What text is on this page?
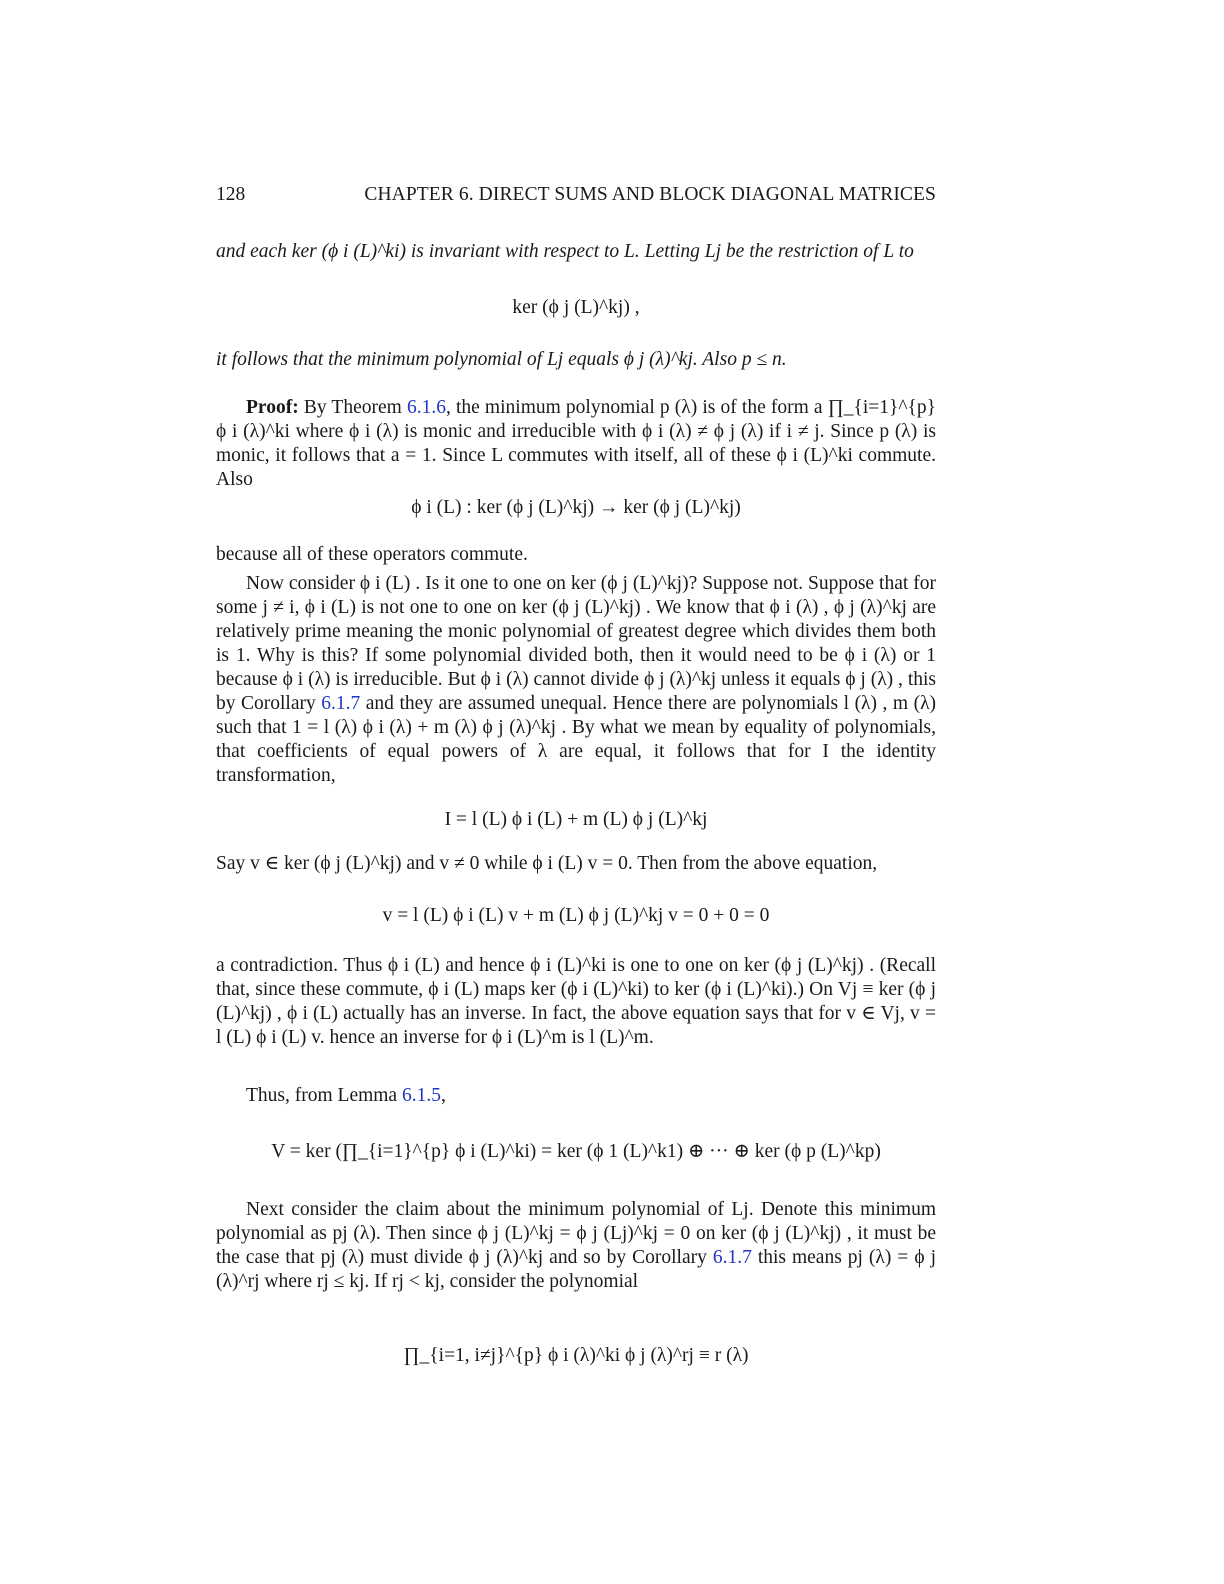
128	CHAPTER 6. DIRECT SUMS AND BLOCK DIAGONAL MATRICES
and each ker (ϕ i (L)^ki) is invariant with respect to L. Letting Lj be the restriction of L to
ker (ϕ j (L)^kj) ,
it follows that the minimum polynomial of Lj equals ϕ j (λ)^kj. Also p ≤ n.
Proof: By Theorem 6.1.6, the minimum polynomial p (λ) is of the form a ∏_{i=1}^{p} ϕ i (λ)^ki where ϕ i (λ) is monic and irreducible with ϕ i (λ) ≠ ϕ j (λ) if i ≠ j. Since p (λ) is monic, it follows that a = 1. Since L commutes with itself, all of these ϕ i (L)^ki commute. Also
ϕ i (L) : ker (ϕ j (L)^kj) → ker (ϕ j (L)^kj)
because all of these operators commute.
Now consider ϕ i (L) . Is it one to one on ker (ϕ j (L)^kj)? Suppose not. Suppose that for some j ≠ i, ϕ i (L) is not one to one on ker (ϕ j (L)^kj) . We know that ϕ i (λ) , ϕ j (λ)^kj are relatively prime meaning the monic polynomial of greatest degree which divides them both is 1. Why is this? If some polynomial divided both, then it would need to be ϕ i (λ) or 1 because ϕ i (λ) is irreducible. But ϕ i (λ) cannot divide ϕ j (λ)^kj unless it equals ϕ j (λ) , this by Corollary 6.1.7 and they are assumed unequal. Hence there are polynomials l (λ) , m (λ) such that 1 = l (λ) ϕ i (λ) + m (λ) ϕ j (λ)^kj . By what we mean by equality of polynomials, that coefficients of equal powers of λ are equal, it follows that for I the identity transformation,
I = l (L) ϕ i (L) + m (L) ϕ j (L)^kj
Say v ∈ ker (ϕ j (L)^kj) and v ≠ 0 while ϕ i (L) v = 0. Then from the above equation,
v = l (L) ϕ i (L) v + m (L) ϕ j (L)^kj v = 0 + 0 = 0
a contradiction. Thus ϕ i (L) and hence ϕ i (L)^ki is one to one on ker (ϕ j (L)^kj) . (Recall that, since these commute, ϕ i (L) maps ker (ϕ i (L)^ki) to ker (ϕ i (L)^ki).) On Vj ≡ ker (ϕ j (L)^kj) , ϕ i (L) actually has an inverse. In fact, the above equation says that for v ∈ Vj, v = l (L) ϕ i (L) v. hence an inverse for ϕ i (L)^m is l (L)^m.
Thus, from Lemma 6.1.5,
V = ker (∏_{i=1}^{p} ϕ i (L)^ki) = ker (ϕ 1 (L)^k1) ⊕ ··· ⊕ ker (ϕ p (L)^kp)
Next consider the claim about the minimum polynomial of Lj. Denote this minimum polynomial as pj (λ). Then since ϕ j (L)^kj = ϕ j (Lj)^kj = 0 on ker (ϕ j (L)^kj) , it must be the case that pj (λ) must divide ϕ j (λ)^kj and so by Corollary 6.1.7 this means pj (λ) = ϕ j (λ)^rj where rj ≤ kj. If rj < kj, consider the polynomial
∏_{i=1, i≠j}^{p} ϕ i (λ)^ki ϕ j (λ)^rj ≡ r (λ)
